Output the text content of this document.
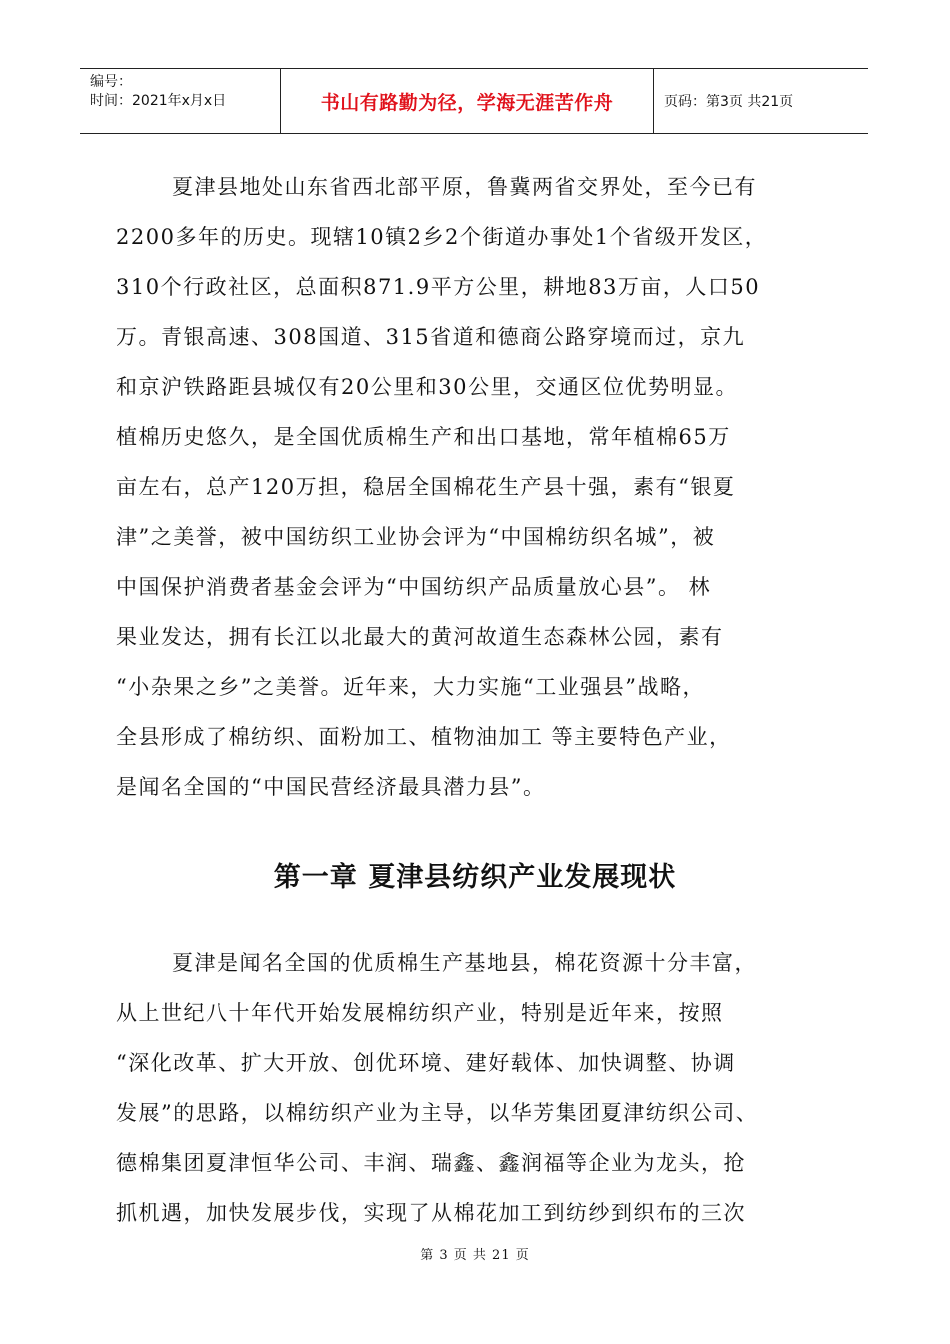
编号：
时间：2021年x月x日	书山有路勤为径，学海无涯苦作舟	页码：第3页 共21页

夏津县地处山东省西北部平原，鲁冀两省交界处，至今已有
2200多年的历史。现辖10镇2乡2个街道办事处1个省级开发区，
310个行政社区，总面积871.9平方公里，耕地83万亩，人口50
万。青银高速、308国道、315省道和德商公路穿境而过，京九
和京沪铁路距县城仅有20公里和30公里，交通区位优势明显。
植棉历史悠久，是全国优质棉生产和出口基地，常年植棉65万
亩左右，总产120万担，稳居全国棉花生产县十强，素有“银夏
津”之美誉，被中国纺织工业协会评为“中国棉纺织名城”，被
中国保护消费者基金会评为“中国纺织产品质量放心县”。 林
果业发达，拥有长江以北最大的黄河故道生态森林公园，素有
“小杂果之乡”之美誉。近年来，大力实施“工业强县”战略，
全县形成了棉纺织、面粉加工、植物油加工 等主要特色产业，
是闻名全国的“中国民营经济最具潜力县”。

第一章 夏津县纺织产业发展现状

夏津是闻名全国的优质棉生产基地县，棉花资源十分丰富，
从上世纪八十年代开始发展棉纺织产业，特别是近年来，按照
“深化改革、扩大开放、创优环境、建好载体、加快调整、协调
发展”的思路，以棉纺织产业为主导，以华芳集团夏津纺织公司、
德棉集团夏津恒华公司、丰润、瑞鑫、鑫润福等企业为龙头，抢
抓机遇，加快发展步伐，实现了从棉花加工到纺纱到织布的三次

第 3 页 共 21 页
